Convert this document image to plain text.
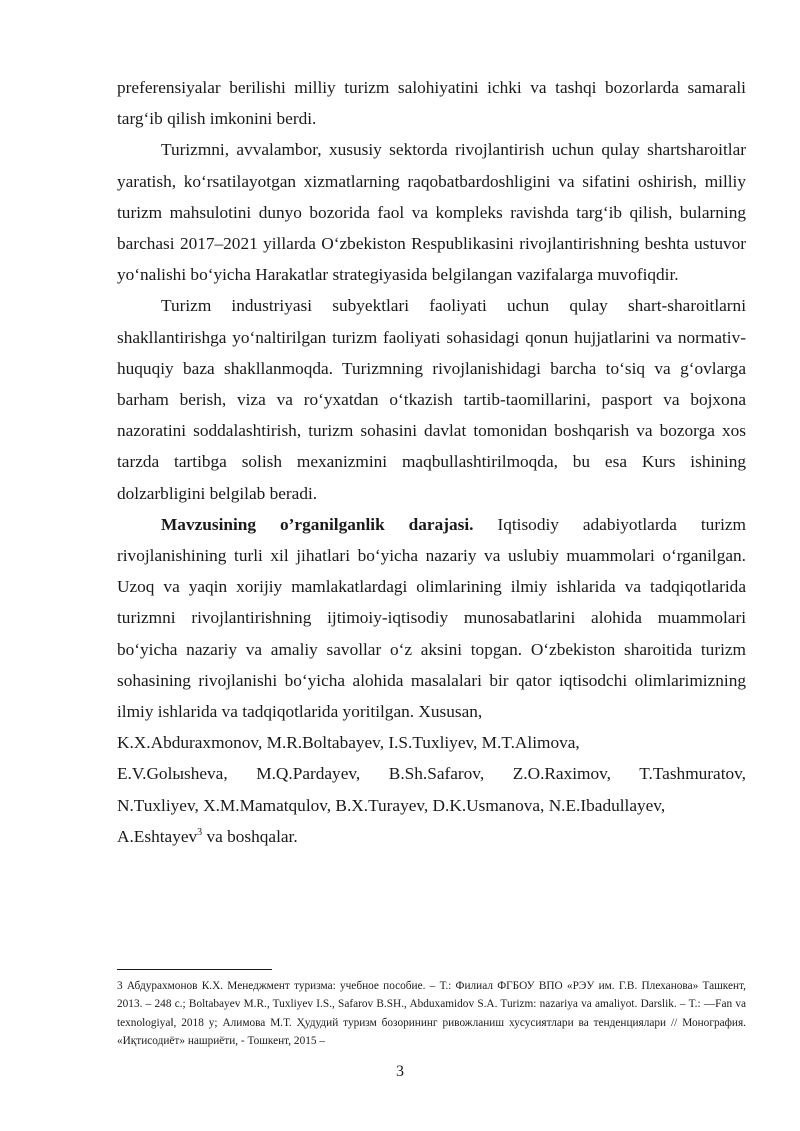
preferensiyalar berilishi milliy turizm salohiyatini ichki va tashqi bozorlarda samarali targ‘ib qilish imkonini berdi.

Turizmni, avvalambor, xususiy sektorda rivojlantirish uchun qulay shartsharoitlar yaratish, ko‘rsatilayotgan xizmatlarning raqobatbardoshligini va sifatini oshirish, milliy turizm mahsulotini dunyo bozorida faol va kompleks ravishda targ‘ib qilish, bularning barchasi 2017–2021 yillarda O‘zbekiston Respublikasini rivojlantirishning beshta ustuvor yo‘nalishi bo‘yicha Harakatlar strategiyasida belgilangan vazifalarga muvofiqdir.

Turizm industriyasi subyektlari faoliyati uchun qulay shart-sharoitlarni shakllantirishga yo‘naltirilgan turizm faoliyati sohasidagi qonun hujjatlarini va normativ-huquqiy baza shakllanmoqda. Turizmning rivojlanishidagi barcha to‘siq va g‘ovlarga barham berish, viza va ro‘yxatdan o‘tkazish tartib-taomillarini, pasport va bojxona nazoratini soddalashtirish, turizm sohasini davlat tomonidan boshqarish va bozorga xos tarzda tartibga solish mexanizmini maqbullashtirilmoqda, bu esa Kurs ishining dolzarbligini belgilab beradi.

Mavzusining o’rganilganlik darajasi. Iqtisodiy adabiyotlarda turizm rivojlanishining turli xil jihatlari bo‘yicha nazariy va uslubiy muammolari o‘rganilgan. Uzoq va yaqin xorijiy mamlakatlardagi olimlarining ilmiy ishlarida va tadqiqotlarida turizmni rivojlantirishning ijtimoiy-iqtisodiy munosabatlarini alohida muammolari bo‘yicha nazariy va amaliy savollar o‘z aksini topgan. O‘zbekiston sharoitida turizm sohasining rivojlanishi bo‘yicha alohida masalalari bir qator iqtisodchi olimlarimizning ilmiy ishlarida va tadqiqotlarida yoritilgan. Xususan,

K.X.Abduraxmonov, M.R.Boltabayev, I.S.Tuxliyev, M.T.Alimova,
E.V.Golыsheva, M.Q.Pardayev, B.Sh.Safarov, Z.O.Raximov, T.Tashmuratov,
N.Tuxliyev, X.M.Mamatqulov, B.X.Turayev, D.K.Usmanova, N.E.Ibadullayev,
A.Eshtayev$^3$ va boshqalar.

3 Абдурахмонов К.Х. Менеджмент туризма: учебное пособие. – Т.: Филиал ФГБОУ ВПО «РЭУ им. Г.В. Плеханова» Ташкент, 2013. – 248 с.; Boltabayev M.R., Tuxliyev I.S., Safarov B.SH., Abduxamidov S.A. Turizm: nazariya va amaliyot. Darslik. – T.: ―Fan va texnologiya‖, 2018 y; Алимова М.Т. Ҳудудий туризм бозорининг ривожланиш хусусиятлари ва тенденциялари // Монография. «Иқтисодиёт» нашриёти, - Тошкент, 2015 –

3
